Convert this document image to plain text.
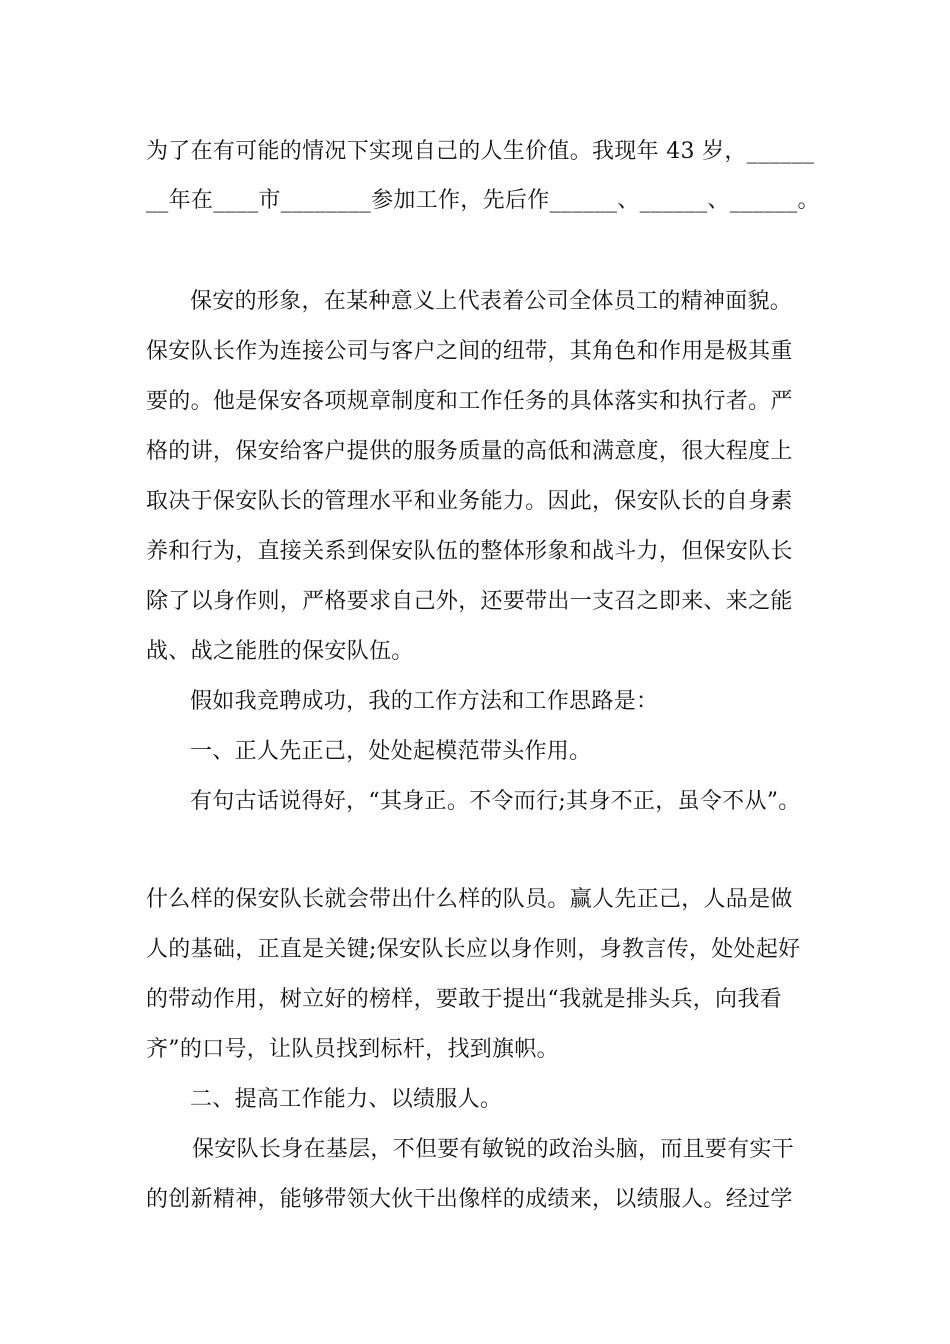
为了在有可能的情况下实现自己的人生价值。我现年 43 岁，______
__年在____市________参加工作，先后作______、______、______。
保安的形象，在某种意义上代表着公司全体员工的精神面貌。
保安队长作为连接公司与客户之间的纽带，其角色和作用是极其重
要的。他是保安各项规章制度和工作任务的具体落实和执行者。严
格的讲，保安给客户提供的服务质量的高低和满意度，很大程度上
取决于保安队长的管理水平和业务能力。因此，保安队长的自身素
养和行为，直接关系到保安队伍的整体形象和战斗力，但保安队长
除了以身作则，严格要求自己外，还要带出一支召之即来、来之能
战、战之能胜的保安队伍。
假如我竞聘成功，我的工作方法和工作思路是：
一、正人先正己，处处起模范带头作用。
有句古话说得好，“其身正。不令而行;其身不正，虽令不从”。
什么样的保安队长就会带出什么样的队员。赢人先正己，人品是做
人的基础，正直是关键;保安队长应以身作则，身教言传，处处起好
的带动作用，树立好的榜样，要敢于提出“我就是排头兵，向我看
齐”的口号，让队员找到标杆，找到旗帜。
二、提高工作能力、以绩服人。
保安队长身在基层，不但要有敏锐的政治头脑，而且要有实干
的创新精神，能够带领大伙干出像样的成绩来，以绩服人。经过学
